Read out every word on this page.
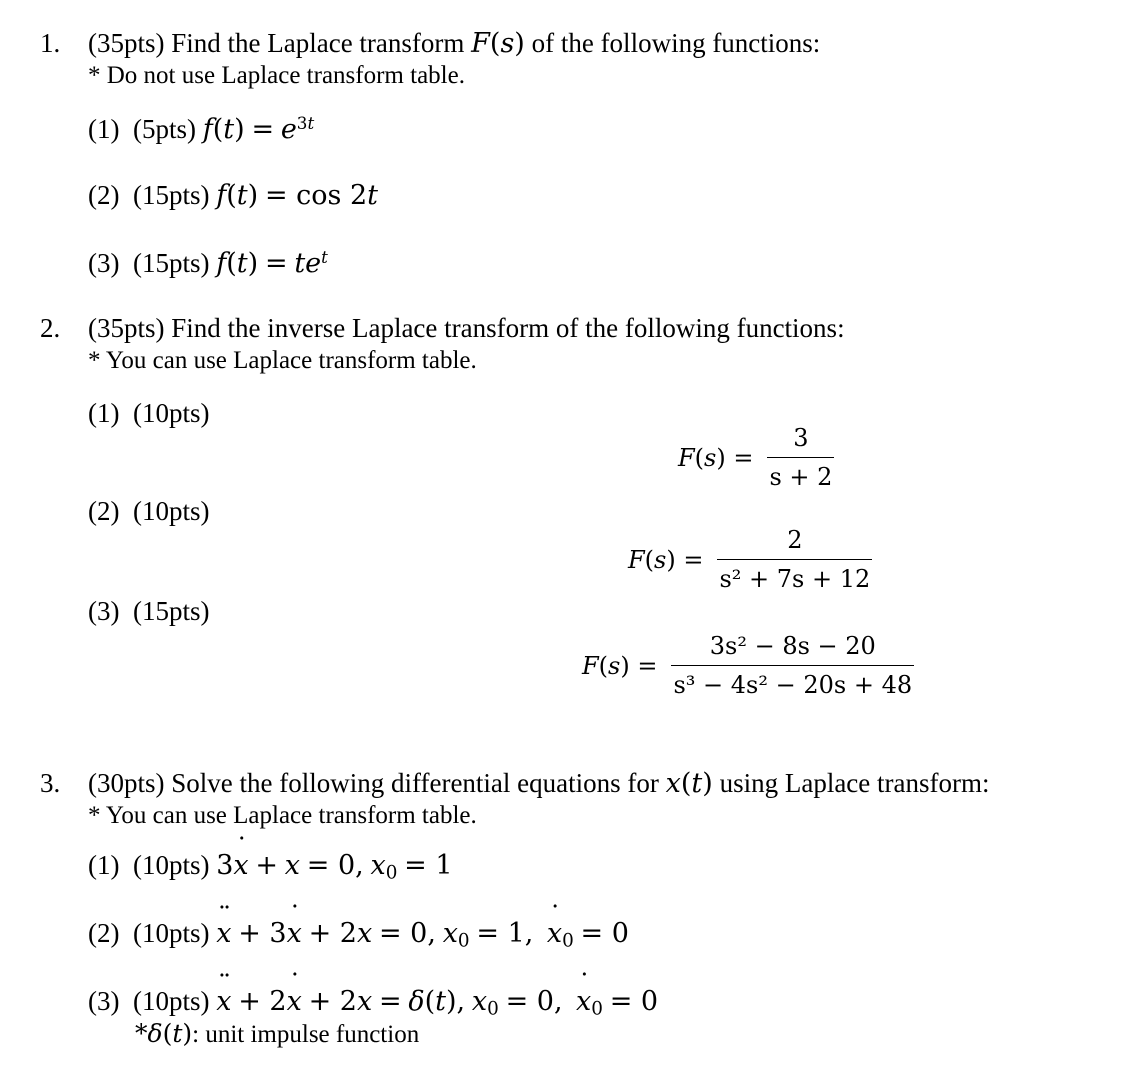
1. (35pts) Find the Laplace transform F(s) of the following functions:
* Do not use Laplace transform table.
(1) (5pts) $f(t) = e^{3t}$
(2) (15pts) f(t) = cos 2t
(3) (15pts) $f(t) = te^t$
2. (35pts) Find the inverse Laplace transform of the following functions:
* You can use Laplace transform table.
(1) (10pts)
$F(s) = \frac{3}{s + 2}$
(2) (10pts)
$F(s) = \frac{2}{\text{s² + 7s + 12}}$
(3) (15pts)
$F(s) = \frac{\text{3s² − 8s − 20}}{\text{s³ − 4s² − 20s + 48}}$
3. (30pts) Solve the following differential equations for x(t) using Laplace transform:
* You can use Laplace transform table.
(1) (10pts) 3x ˙ + x = 0, $x_0 = 1$
(2) (10pts) x ¨ + 3x ˙ + 2x = 0, $x_0 = 1$, x $˙_0 = 0$
(3) (10pts) x ¨ + 2x ˙ + 2x = δ(t), $x_0 = 0$, x $˙_0 = 0$
*δ(t): unit impulse function
